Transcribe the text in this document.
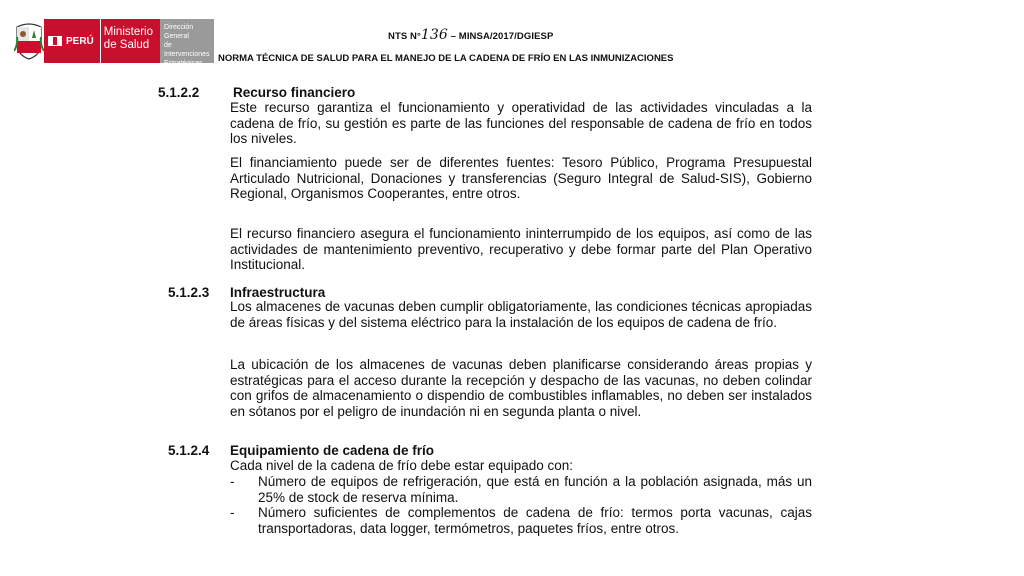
PERÚ
Ministerio
de Salud
Dirección General
de Intervenciones Estratégicas
en Salud Pública
NTS N°136 – MINSA/2017/DGIESP
NORMA TÉCNICA DE SALUD PARA EL MANEJO DE LA CADENA DE FRÍO EN LAS INMUNIZACIONES
5.1.2.2 Recurso financiero
Este recurso garantiza el funcionamiento y operatividad de las actividades vinculadas a la cadena de frío, su gestión es parte de las funciones del responsable de cadena de frío en todos los niveles.
El financiamiento puede ser de diferentes fuentes: Tesoro Público, Programa Presupuestal Articulado Nutricional, Donaciones y transferencias (Seguro Integral de Salud-SIS), Gobierno Regional, Organismos Cooperantes, entre otros.
El recurso financiero asegura el funcionamiento ininterrumpido de los equipos, así como de las actividades de mantenimiento preventivo, recuperativo y debe formar parte del Plan Operativo Institucional.
5.1.2.3 Infraestructura
Los almacenes de vacunas deben cumplir obligatoriamente, las condiciones técnicas apropiadas de áreas físicas y del sistema eléctrico para la instalación de los equipos de cadena de frío.
La ubicación de los almacenes de vacunas deben planificarse considerando áreas propias y estratégicas para el acceso durante la recepción y despacho de las vacunas, no deben colindar con grifos de almacenamiento o dispendio de combustibles inflamables, no deben ser instalados en sótanos por el peligro de inundación ni en segunda planta o nivel.
5.1.2.4 Equipamiento de cadena de frío
Cada nivel de la cadena de frío debe estar equipado con:
- Número de equipos de refrigeración, que está en función a la población asignada, más un 25% de stock de reserva mínima.
- Número suficientes de complementos de cadena de frío: termos porta vacunas, cajas transportadoras, data logger, termómetros, paquetes fríos, entre otros.
